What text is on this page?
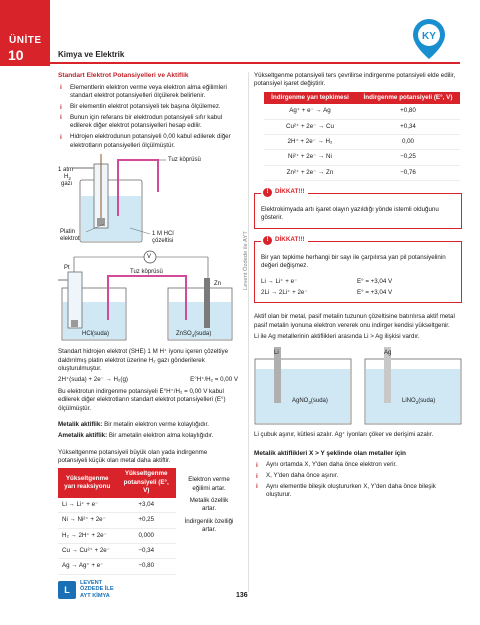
ÜNİTE
10	Kimya ve Elektrik
KY
Levent Özdede ile AYT
Standart Elektrot Potansiyelleri ve Aktiflik
i	Elementlerin elektron verme veya elektron alma eğilimleri standart elektrot potansiyelleri ölçülerek belirlenir.
i	Bir elementin elektrot potansiyeli tek başına ölçülemez.
i	Bunun için referans bir elektrodun potansiyeli sıfır kabul edilerek diğer elektrot potansiyelleri hesap edilir.
i	Hidrojen elektrodunun potansiyeli 0,00 kabul edilerek diğer elektrotların potansiyelleri ölçülmüştür.
1 atm
$H_2$
gazı
Tuz köprüsü
Platin
elektrot
1 M HCl
çözeltisi
V
Pt
Tuz köprüsü
Zn
HCl(suda)	ZnSO$_4$(suda)
Standart hidrojen elektrot (SHE) 1 M H⁺ iyonu içeren çözeltiye daldırılmış platin elektrot üzerine H₂ gazı gönderilerek oluşturulmuştur.
2H⁺(suda) + 2e⁻ → H₂(g)	E°H⁺/H₂ = 0,00 V
Bu elektrotun indirgenme potansiyeli E°H⁺/H₂ = 0,00 V kabul edilerek diğer elektrotların standart elektrot potansiyelleri (E°) ölçülmüştür.
Metalik aktiflik: Bir metalin elektron verme kolaylığıdır.
Ametalik aktiflik: Bir ametalin elektron alma kolaylığıdır.
Yükseltgenme potansiyeli büyük olan yada indirgenme potansiyeli küçük olan metal daha aktiftir.
Yükseltgenme yarı reaksiyonu	Yükseltgenme potansiyeli (E°, V)
Li → Li⁺ + e⁻	+3,04
Ni → Ni²⁺ + 2e⁻	+0,25
H₂ → 2H⁺ + 2e⁻	0,000
Cu → Cu²⁺ + 2e⁻	−0,34
Ag → Ag⁺ + e⁻	−0,80
Elektron verme eğilimi artar.
Metalik özellik artar.
İndirgenlik özelliği artar.
Yükseltgenme potansiyeli ters çevrilirse indirgenme potansiyeli elde edilir, potansiyel işaret değiştirir.
İndirgenme yarı tepkimesi	İndirgenme potansiyeli (E°, V)
Ag⁺ + e⁻ → Ag	+0,80
Cu²⁺ + 2e⁻ → Cu	+0,34
2H⁺ + 2e⁻ → H₂	0,00
Ni²⁺ + 2e⁻ → Ni	−0,25
Zn²⁺ + 2e⁻ → Zn	−0,76
!	DİKKAT!!!
Elektrokimyada artı işaret olayın yazıldığı yönde istemli olduğunu gösterir.
!	DİKKAT!!!
Bir yarı tepkime herhangi bir sayı ile çarpılırsa yarı pil potansiyelinin değeri değişmez.
Li → Li⁺ + e⁻	E° = +3,04 V
2Li → 2Li⁺ + 2e⁻	E° = +3,04 V
Aktif olan bir metal, pasif metalin tuzunun çözeltisine batırılırsa aktif metal pasif metalin iyonuna elektron vererek onu indirger kendisi yükseltgenir.
Li ile Ag metallerinin aktiflikleri arasında Li > Ag ilişkisi vardır.
Li
AgNO$_3$(suda)
Ag
LiNO$_3$(suda)
Li çubuk aşınır, kütlesi azalır. Ag⁺ iyonları çöker ve derişimi azalır.
Metalik aktiflikleri X > Y şeklinde olan metaller için
i	Aynı ortamda X, Y'den daha önce elektron verir.
i	X, Y'den daha önce aşınır.
i	Aynı elementle bileşik oluştururken X, Y'den daha önce bileşik oluşturur.
L
LEVENT
ÖZDEDE İLE
AYT KİMYA	136
